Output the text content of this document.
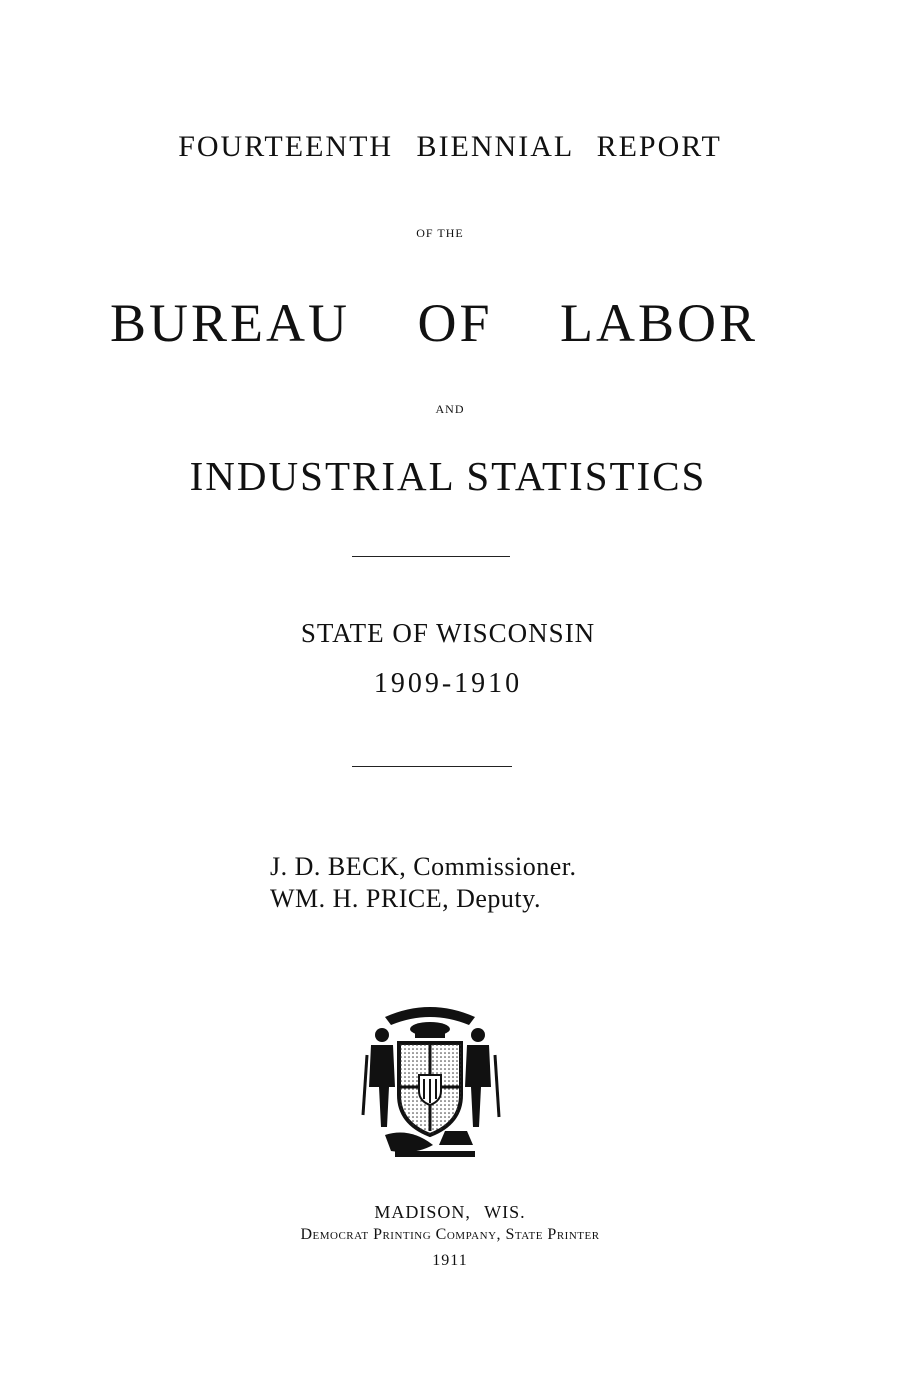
FOURTEENTH BIENNIAL REPORT
OF THE
BUREAU OF LABOR
AND
INDUSTRIAL STATISTICS
STATE OF WISCONSIN
1909-1910
J. D. BECK, Commissioner.
WM. H. PRICE, Deputy.
MADISON, WIS.
Democrat Printing Company, State Printer
1911
